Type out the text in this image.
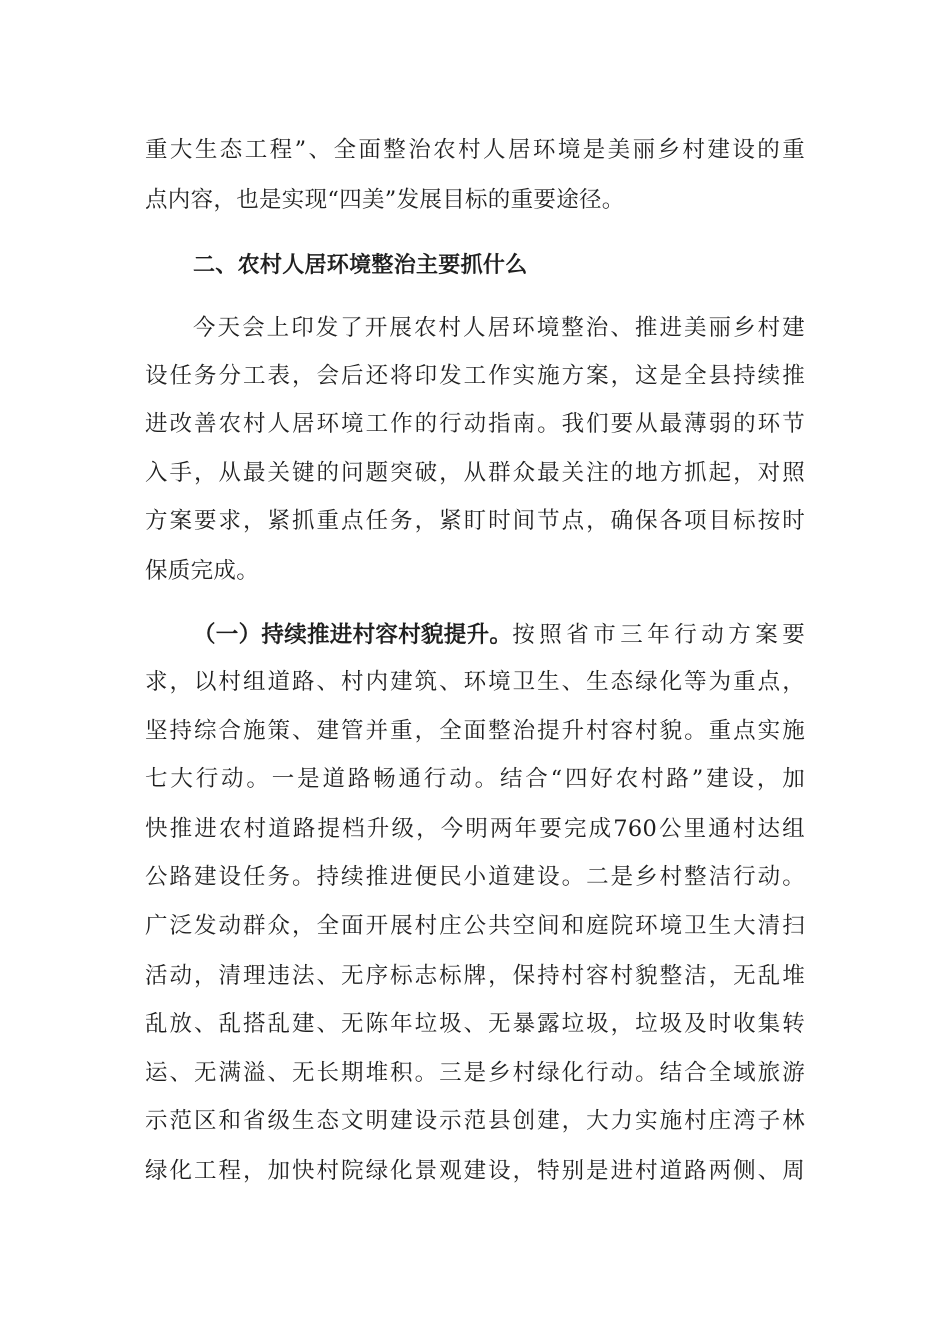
重大生态工程”、全面整治农村人居环境是美丽乡村建设的重
点内容，也是实现“四美”发展目标的重要途径。
二、农村人居环境整治主要抓什么
今天会上印发了开展农村人居环境整治、推进美丽乡村建
设任务分工表，会后还将印发工作实施方案，这是全县持续推
进改善农村人居环境工作的行动指南。我们要从最薄弱的环节
入手，从最关键的问题突破，从群众最关注的地方抓起，对照
方案要求，紧抓重点任务，紧盯时间节点，确保各项目标按时
保质完成。
（一）持续推进村容村貌提升。 按照省市三年行动方案要
求，以村组道路、村内建筑、环境卫生、生态绿化等为重点，
坚持综合施策、建管并重，全面整治提升村容村貌。重点实施
七大行动。一是道路畅通行动。结合“四好农村路”建设，加
快推进农村道路提档升级，今明两年要完成760公里通村达组
公路建设任务。持续推进便民小道建设。二是乡村整洁行动。
广泛发动群众，全面开展村庄公共空间和庭院环境卫生大清扫
活动，清理违法、无序标志标牌，保持村容村貌整洁，无乱堆
乱放、乱搭乱建、无陈年垃圾、无暴露垃圾，垃圾及时收集转
运、无满溢、无长期堆积。三是乡村绿化行动。结合全域旅游
示范区和省级生态文明建设示范县创建，大力实施村庄湾子林
绿化工程，加快村院绿化景观建设，特别是进村道路两侧、周
